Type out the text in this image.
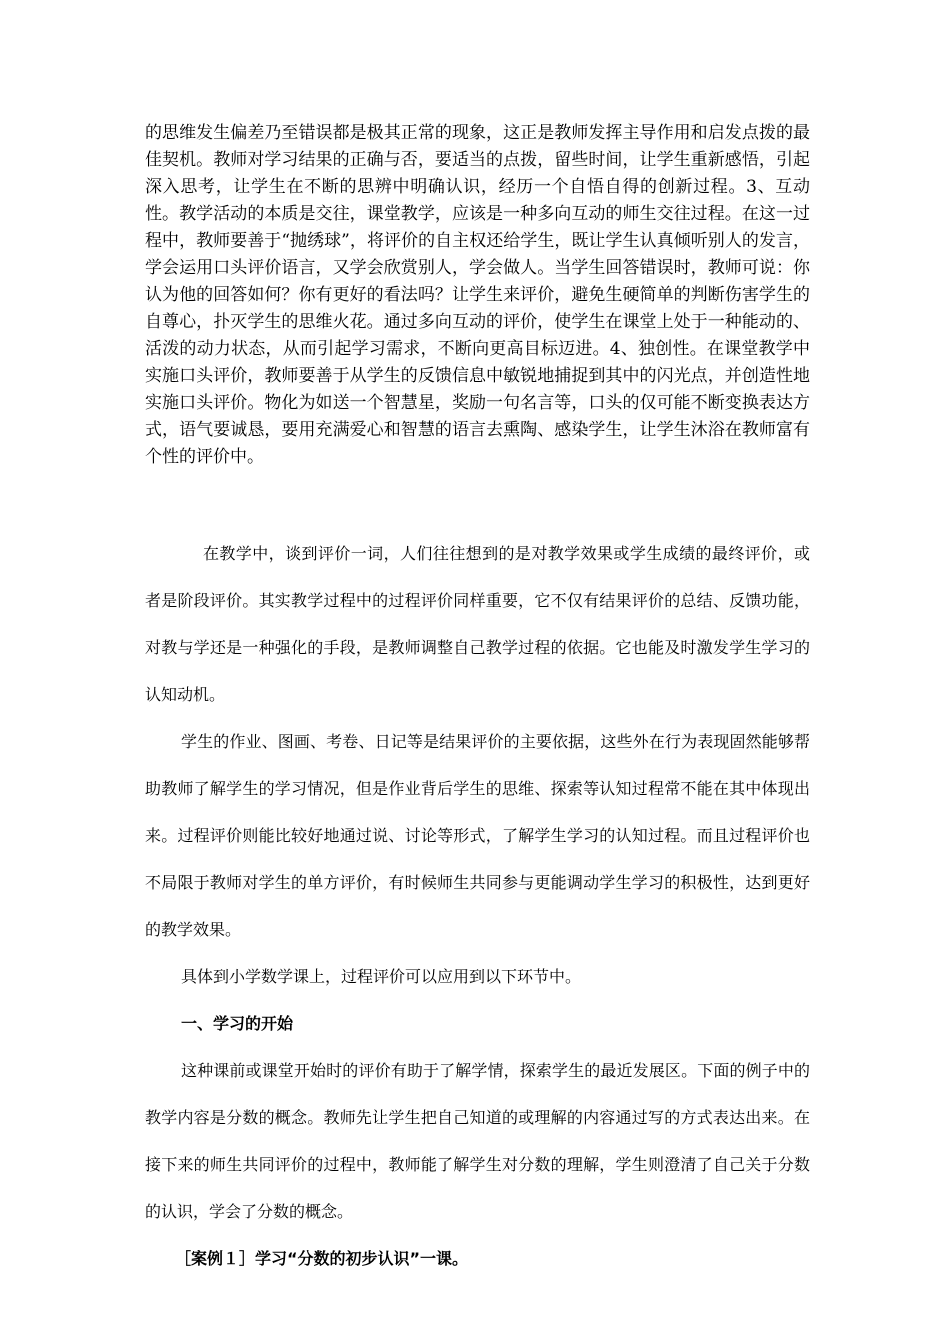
的思维发生偏差乃至错误都是极其正常的现象，这正是教师发挥主导作用和启发点拨的最佳契机。教师对学习结果的正确与否，要适当的点拨，留些时间，让学生重新感悟，引起深入思考，让学生在不断的思辨中明确认识，经历一个自悟自得的创新过程。3、互动性。教学活动的本质是交往，课堂教学，应该是一种多向互动的师生交往过程。在这一过程中，教师要善于“抛绣球”，将评价的自主权还给学生，既让学生认真倾听别人的发言，学会运用口头评价语言，又学会欣赏别人，学会做人。当学生回答错误时，教师可说：你认为他的回答如何？你有更好的看法吗？让学生来评价，避免生硬简单的判断伤害学生的自尊心，扑灭学生的思维火花。通过多向互动的评价，使学生在课堂上处于一种能动的、活泼的动力状态，从而引起学习需求，不断向更高目标迈进。4、独创性。在课堂教学中实施口头评价，教师要善于从学生的反馈信息中敏锐地捕捉到其中的闪光点，并创造性地实施口头评价。物化为如送一个智慧星，奖励一句名言等，口头的仅可能不断变换表达方式，语气要诚恳，要用充满爱心和智慧的语言去熏陶、感染学生，让学生沐浴在教师富有个性的评价中。

在教学中，谈到评价一词，人们往往想到的是对教学效果或学生成绩的最终评价，或者是阶段评价。其实教学过程中的过程评价同样重要，它不仅有结果评价的总结、反馈功能，对教与学还是一种强化的手段，是教师调整自己教学过程的依据。它也能及时激发学生学习的认知动机。

学生的作业、图画、考卷、日记等是结果评价的主要依据，这些外在行为表现固然能够帮助教师了解学生的学习情况，但是作业背后学生的思维、探索等认知过程常不能在其中体现出来。过程评价则能比较好地通过说、讨论等形式，了解学生学习的认知过程。而且过程评价也不局限于教师对学生的单方评价，有时候师生共同参与更能调动学生学习的积极性，达到更好的教学效果。

具体到小学数学课上，过程评价可以应用到以下环节中。

一、学习的开始

这种课前或课堂开始时的评价有助于了解学情，探索学生的最近发展区。下面的例子中的教学内容是分数的概念。教师先让学生把自己知道的或理解的内容通过写的方式表达出来。在接下来的师生共同评价的过程中，教师能了解学生对分数的理解，学生则澄清了自己关于分数的认识，学会了分数的概念。

［案例１］学习“分数的初步认识”一课。
